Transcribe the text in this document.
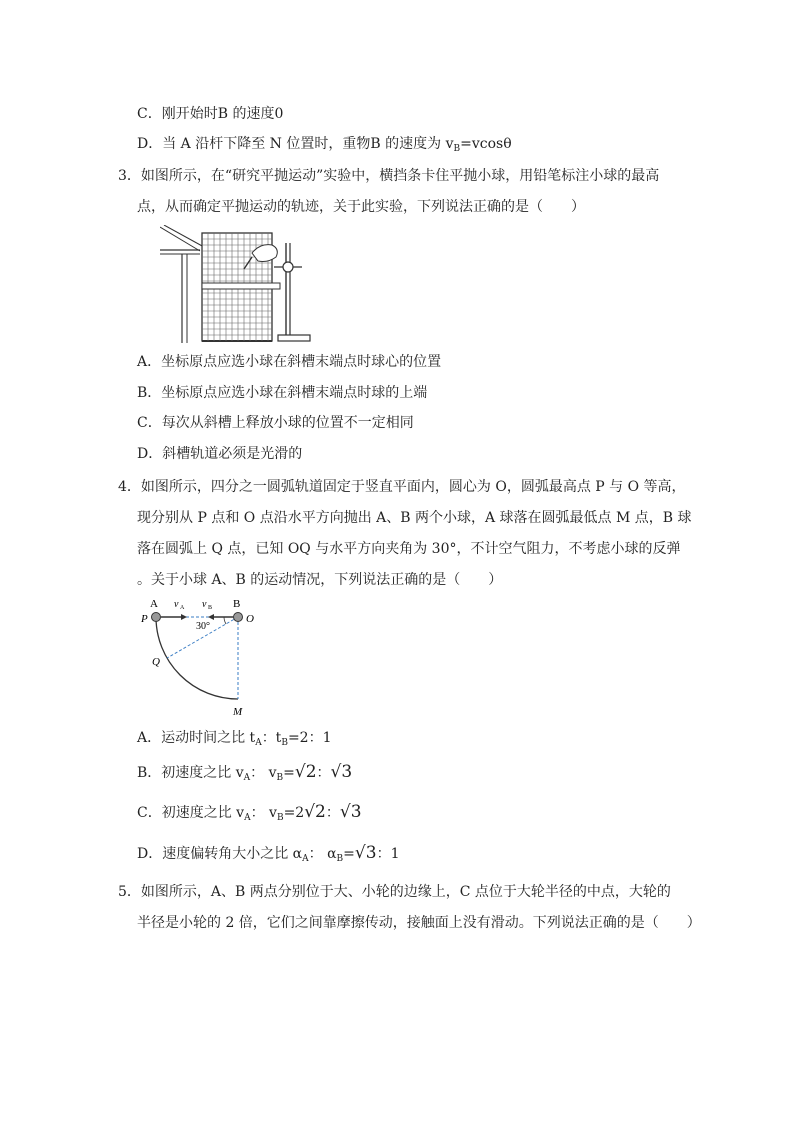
C．刚开始时B 的速度0
D．当 A 沿杆下降至 N 位置时，重物B 的速度为 $v_B=vcos\theta$
3．如图所示，在“研究平抛运动”实验中，横挡条卡住平抛小球，用铅笔标注小球的最高
点，从而确定平抛运动的轨迹，关于此实验，下列说法正确的是（　　）
A．坐标原点应选小球在斜槽末端点时球心的位置
B．坐标原点应选小球在斜槽末端点时球的上端
C．每次从斜槽上释放小球的位置不一定相同
D．斜槽轨道必须是光滑的
4．如图所示，四分之一圆弧轨道固定于竖直平面内，圆心为 O，圆弧最高点 P 与 O 等高，
现分别从 P 点和 O 点沿水平方向抛出 A、B 两个小球，A 球落在圆弧最低点 M 点，B 球
落在圆弧上 Q 点，已知 OQ 与水平方向夹角为 30°，不计空气阻力，不考虑小球的反弹
。关于小球 A、B 的运动情况，下列说法正确的是（　　）
A	B
P	O
Q
M
v A v B
30°
A．运动时间之比 $t_A$：$t_B=2$：1
B．初速度之比 $v_A$： $v_B=√2$：√3
C．初速度之比 $v_A$： $v_B=2√2$：√3
D．速度偏转角大小之比 $\alpha_A$： $\alpha_B=√3$：1
5．如图所示，A、B 两点分别位于大、小轮的边缘上，C 点位于大轮半径的中点，大轮的
半径是小轮的 2 倍，它们之间靠摩擦传动，接触面上没有滑动。下列说法正确的是（　　）
